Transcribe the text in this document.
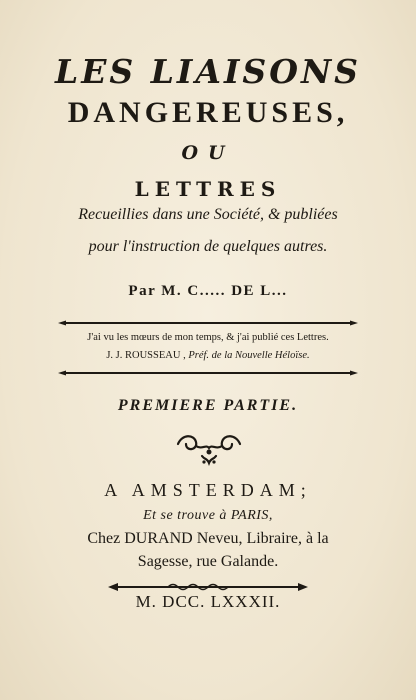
LES LIAISONS
DANGEREUSES,
OU
LETTRES
Recueillies dans une Société, & publiées
pour l'instruction de quelques autres.
Par M. C..... DE L...
J'ai vu les mœurs de mon temps, & j'ai publié ces Lettres.
J. J. ROUSSEAU , Préf. de la Nouvelle Héloïse.
PREMIERE PARTIE.
A AMSTERDAM;
Et se trouve à PARIS,
Chez DURAND Neveu, Libraire, à la
Sagesse, rue Galande.
M. DCC. LXXXII.
